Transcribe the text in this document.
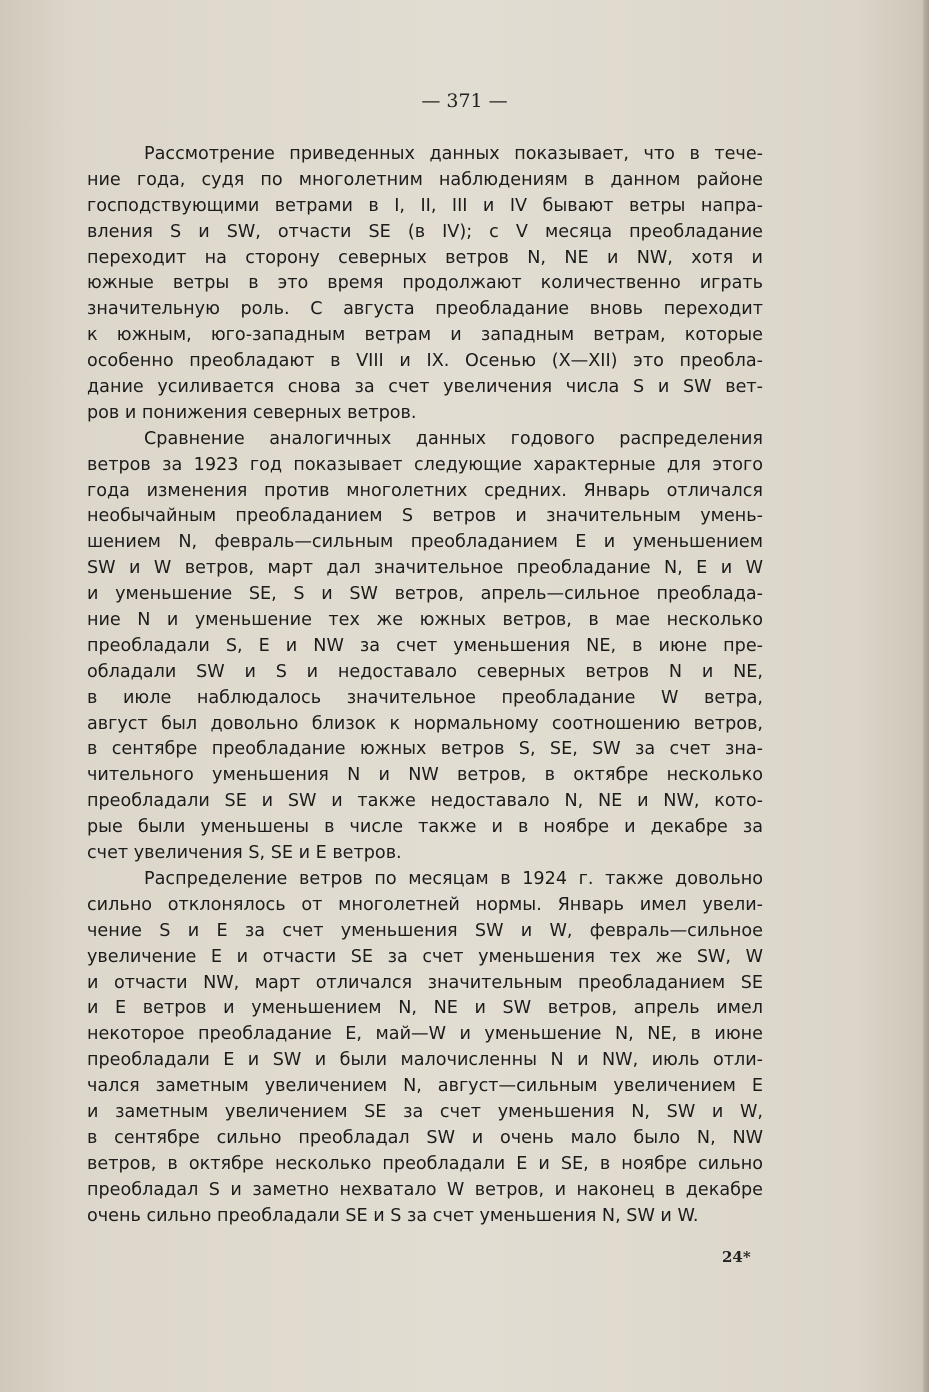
— 371 —
Рассмотрение приведенных данных показывает, что в тече-
ние года, судя по многолетним наблюдениям в данном районе
господствующими ветрами в I, II, III и IV бывают ветры напра-
вления S и SW, отчасти SE (в IV); с V месяца преобладание
переходит на сторону северных ветров N, NE и NW, хотя и
южные ветры в это время продолжают количественно играть
значительную роль. С августа преобладание вновь переходит
к южным, юго-западным ветрам и западным ветрам, которые
особенно преобладают в VIII и IX. Осенью (X—XII) это преобла-
дание усиливается снова за счет увеличения числа S и SW вет-
ров и понижения северных ветров.
Сравнение аналогичных данных годового распределения
ветров за 1923 год показывает следующие характерные для этого
года изменения против многолетних средних. Январь отличался
необычайным преобладанием S ветров и значительным умень-
шением N, февраль—сильным преобладанием E и уменьшением
SW и W ветров, март дал значительное преобладание N, E и W
и уменьшение SE, S и SW ветров, апрель—сильное преоблада-
ние N и уменьшение тех же южных ветров, в мае несколько
преобладали S, E и NW за счет уменьшения NE, в июне пре-
обладали SW и S и недоставало северных ветров N и NE,
в июле наблюдалось значительное преобладание W ветра,
август был довольно близок к нормальному соотношению ветров,
в сентябре преобладание южных ветров S, SE, SW за счет зна-
чительного уменьшения N и NW ветров, в октябре несколько
преобладали SE и SW и также недоставало N, NE и NW, кото-
рые были уменьшены в числе также и в ноябре и декабре за
счет увеличения S, SE и E ветров.
Распределение ветров по месяцам в 1924 г. также довольно
сильно отклонялось от многолетней нормы. Январь имел увели-
чение S и E за счет уменьшения SW и W, февраль—сильное
увеличение E и отчасти SE за счет уменьшения тех же SW, W
и отчасти NW, март отличался значительным преобладанием SE
и E ветров и уменьшением N, NE и SW ветров, апрель имел
некоторое преобладание E, май—W и уменьшение N, NE, в июне
преобладали E и SW и были малочисленны N и NW, июль отли-
чался заметным увеличением N, август—сильным увеличением E
и заметным увеличением SE за счет уменьшения N, SW и W,
в сентябре сильно преобладал SW и очень мало было N, NW
ветров, в октябре несколько преобладали E и SE, в ноябре сильно
преобладал S и заметно нехватало W ветров, и наконец в декабре
очень сильно преобладали SE и S за счет уменьшения N, SW и W.
24*
